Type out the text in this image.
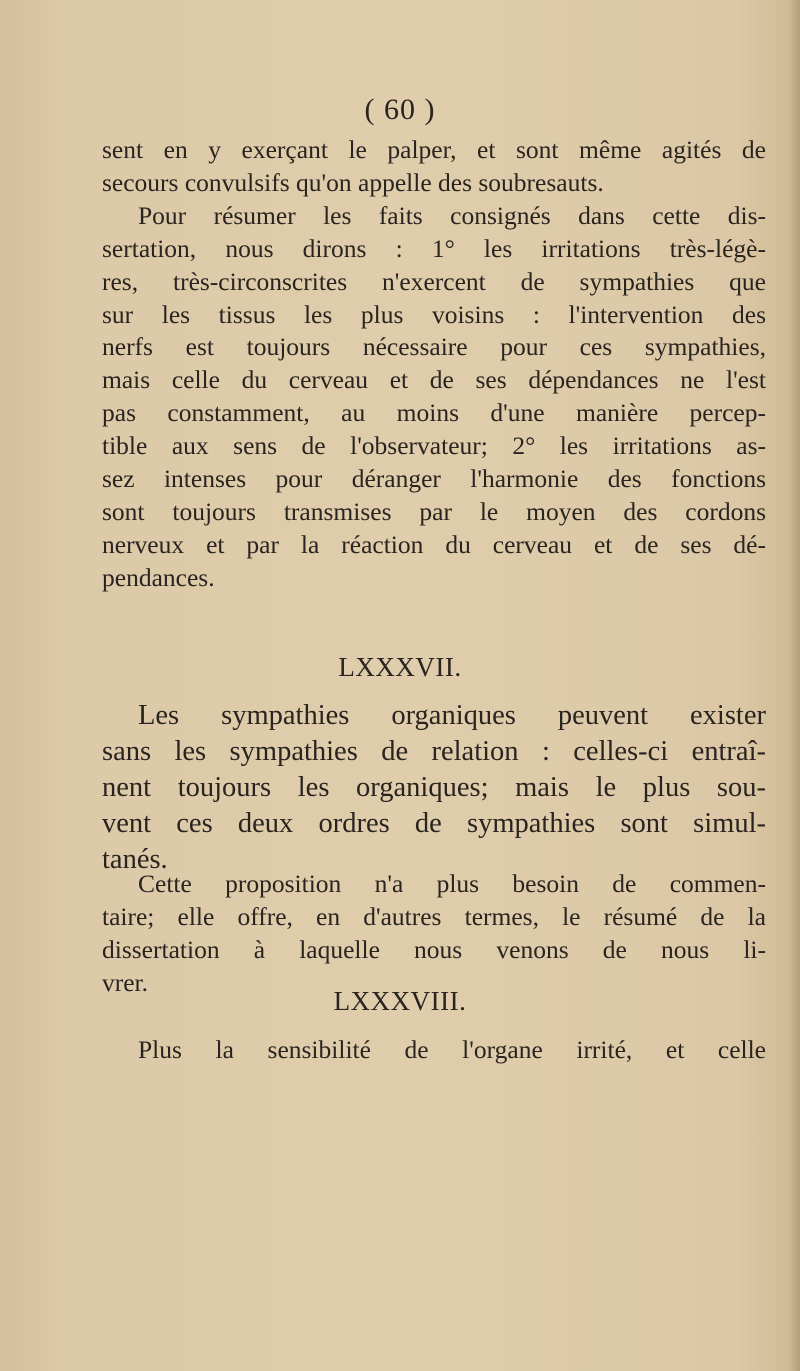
( 60 )
sent en y exerçant le palper, et sont même agités de
secours convulsifs qu'on appelle des soubresauts.
Pour résumer les faits consignés dans cette dis-
sertation, nous dirons : 1° les irritations très-légè-
res, très-circonscrites n'exercent de sympathies que
sur les tissus les plus voisins : l'intervention des
nerfs est toujours nécessaire pour ces sympathies,
mais celle du cerveau et de ses dépendances ne l'est
pas constamment, au moins d'une manière percep-
tible aux sens de l'observateur; 2° les irritations as-
sez intenses pour déranger l'harmonie des fonctions
sont toujours transmises par le moyen des cordons
nerveux et par la réaction du cerveau et de ses dé-
pendances.
LXXXVII.
Les sympathies organiques peuvent exister
sans les sympathies de relation : celles-ci entraî-
nent toujours les organiques; mais le plus sou-
vent ces deux ordres de sympathies sont simul-
tanés.
Cette proposition n'a plus besoin de commen-
taire; elle offre, en d'autres termes, le résumé de la
dissertation à laquelle nous venons de nous li-
vrer.
LXXXVIII.
Plus la sensibilité de l'organe irrité, et celle
